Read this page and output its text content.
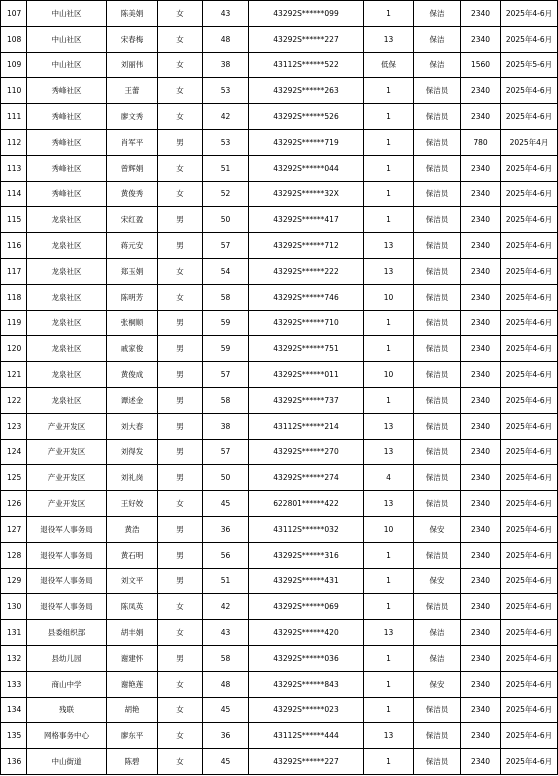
107	中山社区	陈美娟	女	43	43292S******099	1	保洁	2340	2025年4-6月
108	中山社区	宋春梅	女	48	43292S******227	13	保洁	2340	2025年4-6月
109	中山社区	刘丽伟	女	38	43112S******522	低保	保洁	1560	2025年5-6月
110	秀峰社区	王蕾	女	53	43292S******263	1	保洁员	2340	2025年4-6月
111	秀峰社区	廖文秀	女	42	43292S******526	1	保洁员	2340	2025年4-6月
112	秀峰社区	肖军平	男	53	43292S******719	1	保洁员	780	2025年4月
113	秀峰社区	曾辉娟	女	51	43292S******044	1	保洁员	2340	2025年4-6月
114	秀峰社区	黄俊秀	女	52	43292S******32X	1	保洁员	2340	2025年4-6月
115	龙泉社区	宋红盈	男	50	43292S******417	1	保洁员	2340	2025年4-6月
116	龙泉社区	蒋元安	男	57	43292S******712	13	保洁员	2340	2025年4-6月
117	龙泉社区	郑玉娟	女	54	43292S******222	13	保洁员	2340	2025年4-6月
118	龙泉社区	陈明芳	女	58	43292S******746	10	保洁员	2340	2025年4-6月
119	龙泉社区	张桐顺	男	59	43292S******710	1	保洁员	2340	2025年4-6月
120	龙泉社区	戚家俊	男	59	43292S******751	1	保洁员	2340	2025年4-6月
121	龙泉社区	黄俊成	男	57	43292S******011	10	保洁员	2340	2025年4-6月
122	龙泉社区	谭述金	男	58	43292S******737	1	保洁员	2340	2025年4-6月
123	产业开发区	刘大春	男	38	43112S******214	13	保洁员	2340	2025年4-6月
124	产业开发区	刘得发	男	57	43292S******270	13	保洁员	2340	2025年4-6月
125	产业开发区	刘礼岗	男	50	43292S******274	4	保洁员	2340	2025年4-6月
126	产业开发区	王好姣	女	45	622801******422	13	保洁员	2340	2025年4-6月
127	退役军人事务局	黄浩	男	36	43112S******032	10	保安	2340	2025年4-6月
128	退役军人事务局	黄石明	男	56	43292S******316	1	保洁员	2340	2025年4-6月
129	退役军人事务局	刘文平	男	51	43292S******431	1	保安	2340	2025年4-6月
130	退役军人事务局	陈凤英	女	42	43292S******069	1	保洁员	2340	2025年4-6月
131	县委组织部	胡丰娟	女	43	43292S******420	13	保洁	2340	2025年4-6月
132	县幼儿园	谢建怀	男	58	43292S******036	1	保洁	2340	2025年4-6月
133	商山中学	谢艳莲	女	48	43292S******843	1	保安	2340	2025年4-6月
134	残联	胡艳	女	45	43292S******023	1	保洁员	2340	2025年4-6月
135	网格事务中心	廖东平	女	36	43112S******444	13	保洁员	2340	2025年4-6月
136	中山街道	陈碧	女	45	43292S******227	1	保洁员	2340	2025年4-6月
